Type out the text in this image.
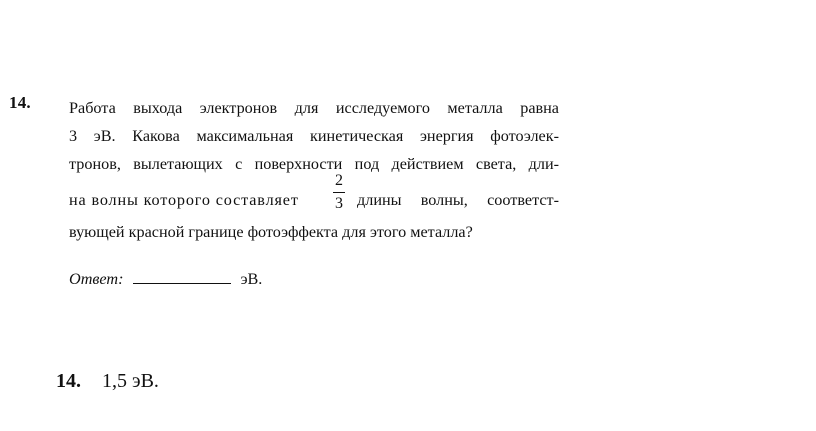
14. Работа выхода электронов для исследуемого металла равна
3 эВ. Какова максимальная кинетическая энергия фотоэлек-
тронов, вылетающих с поверхности под действием света, дли-
на волны которого составляет
2
3 длины волны, соответст-
вующей красной границе фотоэффекта для этого металла?
Ответ:	эВ.
14. 1,5 эВ.
